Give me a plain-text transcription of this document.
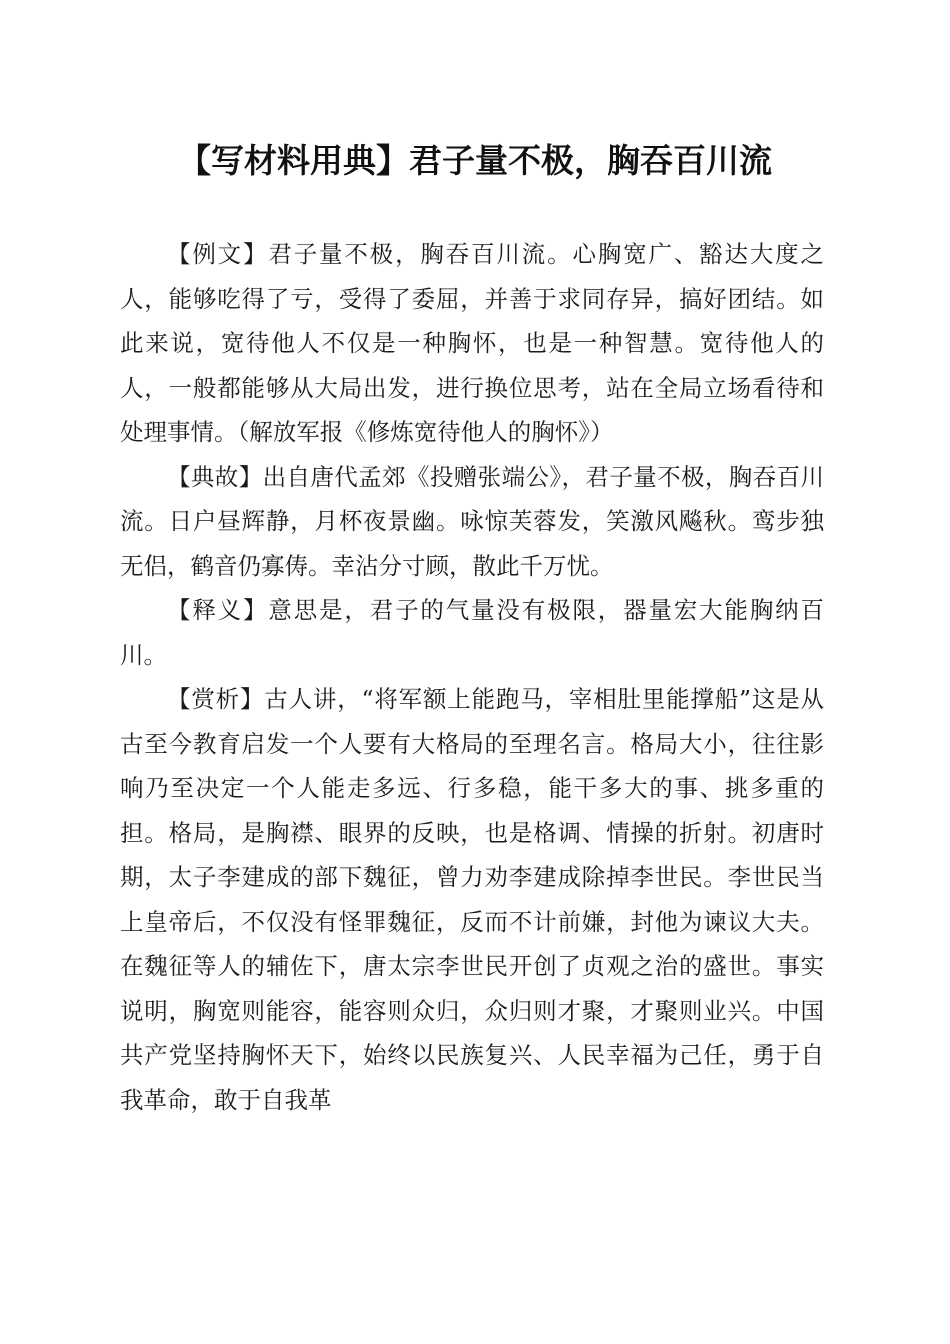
【写材料用典】君子量不极，胸吞百川流

【例文】君子量不极，胸吞百川流。心胸宽广、豁达大度之人，能够吃得了亏，受得了委屈，并善于求同存异，搞好团结。如此来说，宽待他人不仅是一种胸怀，也是一种智慧。宽待他人的人，一般都能够从大局出发，进行换位思考，站在全局立场看待和处理事情。（解放军报《修炼宽待他人的胸怀》）

【典故】出自唐代孟郊《投赠张端公》，君子量不极，胸吞百川流。日户昼辉静，月杯夜景幽。咏惊芙蓉发，笑激风飚秋。鸾步独无侣，鹤音仍寡俦。幸沾分寸顾，散此千万忧。

【释义】意思是，君子的气量没有极限，器量宏大能胸纳百川。

【赏析】古人讲，“将军额上能跑马，宰相肚里能撑船”这是从古至今教育启发一个人要有大格局的至理名言。格局大小，往往影响乃至决定一个人能走多远、行多稳，能干多大的事、挑多重的担。格局，是胸襟、眼界的反映，也是格调、情操的折射。初唐时期，太子李建成的部下魏征，曾力劝李建成除掉李世民。李世民当上皇帝后，不仅没有怪罪魏征，反而不计前嫌，封他为谏议大夫。在魏征等人的辅佐下，唐太宗李世民开创了贞观之治的盛世。事实说明，胸宽则能容，能容则众归，众归则才聚，才聚则业兴。中国共产党坚持胸怀天下，始终以民族复兴、人民幸福为己任，勇于自我革命，敢于自我革
